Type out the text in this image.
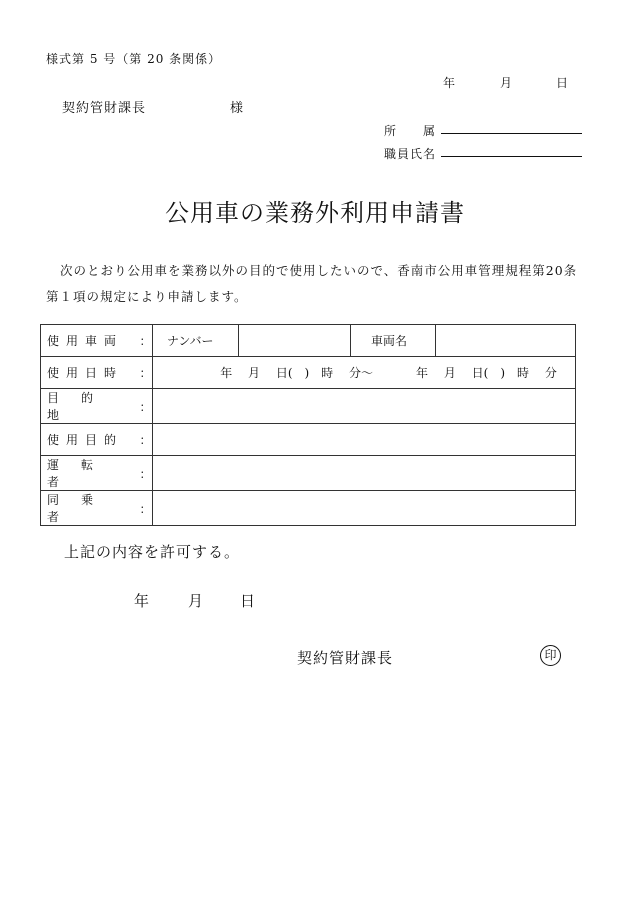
様式第 5 号（第 20 条関係）
年	月	日
契約管財課長	様
所　　属
職員氏名
公用車の業務外利用申請書
次のとおり公用車を業務以外の目的で使用したいので、香南市公用車管理規程第20条第１項の規定により申請します。
使用車両	：	ナンバー		車両名	
使用日時	：	年　 月　 日(　)　時　 分〜 年　 月　 日(　)　時　 分			
目的地	：				
使用目的	：				
運転者	：				
同乗者	：				
上記の内容を許可する。
年	月 日
契約管財課長	印
